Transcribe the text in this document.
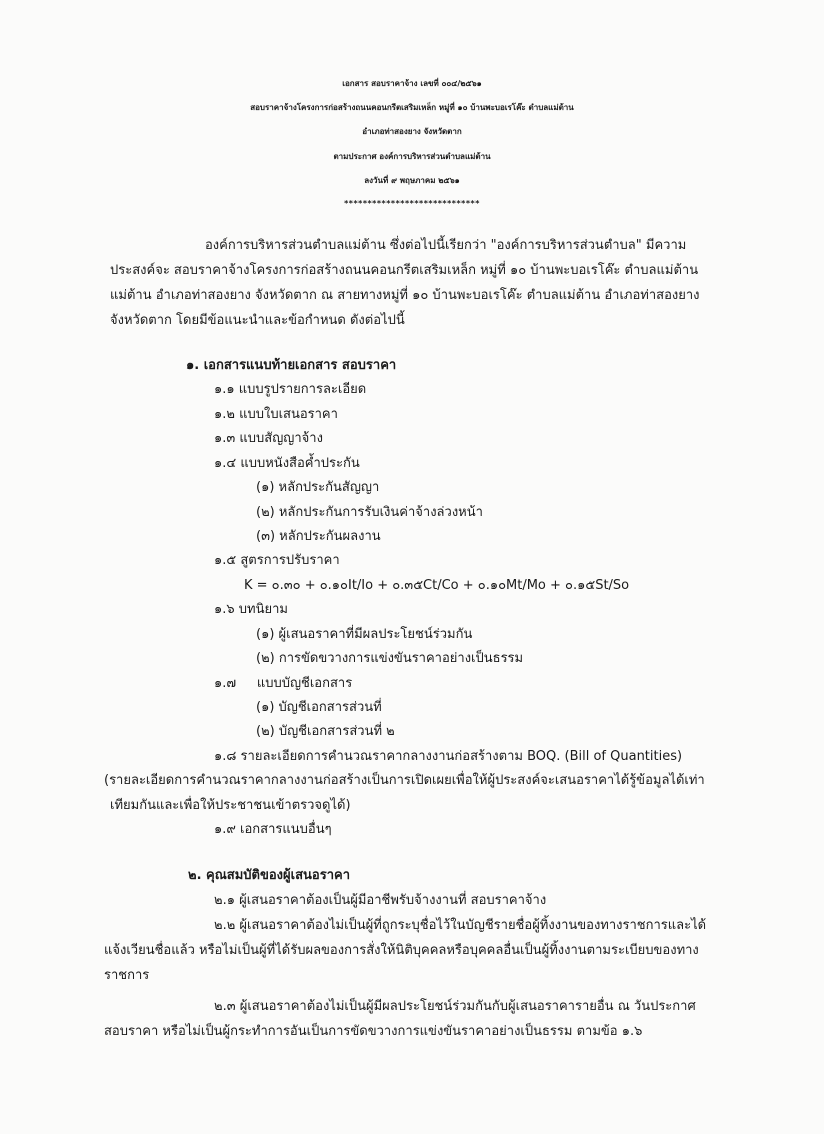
เอกสาร สอบราคาจ้าง เลขที่ ๐๐๔/๒๕๖๑
สอบราคาจ้างโครงการก่อสร้างถนนคอนกรีตเสริมเหล็ก หมู่ที่ ๑๐ บ้านพะบอเรโค๊ะ ตำบลแม่ต้าน
อำเภอท่าสองยาง จังหวัดตาก
ตามประกาศ องค์การบริหารส่วนตำบลแม่ต้าน
ลงวันที่ ๙ พฤษภาคม ๒๕๖๑
*****************************
องค์การบริหารส่วนตำบลแม่ต้าน ซึ่งต่อไปนี้เรียกว่า "องค์การบริหารส่วนตำบล" มีความ
ประสงค์จะ สอบราคาจ้างโครงการก่อสร้างถนนคอนกรีตเสริมเหล็ก หมู่ที่ ๑๐ บ้านพะบอเรโค๊ะ ตำบลแม่ต้าน
แม่ต้าน อำเภอท่าสองยาง จังหวัดตาก ณ สายทางหมู่ที่ ๑๐ บ้านพะบอเรโค๊ะ ตำบลแม่ต้าน อำเภอท่าสองยาง
จังหวัดตาก โดยมีข้อแนะนำและข้อกำหนด ดังต่อไปนี้
๑. เอกสารแนบท้ายเอกสาร สอบราคา
๑.๑ แบบรูปรายการละเอียด
๑.๒ แบบใบเสนอราคา
๑.๓ แบบสัญญาจ้าง
๑.๔ แบบหนังสือค้ำประกัน
(๑) หลักประกันสัญญา
(๒) หลักประกันการรับเงินค่าจ้างล่วงหน้า
(๓) หลักประกันผลงาน
๑.๕ สูตรการปรับราคา
K = ๐.๓๐ + ๐.๑๐It/Io + ๐.๓๕Ct/Co + ๐.๑๐Mt/Mo + ๐.๑๕St/So
๑.๖ บทนิยาม
(๑) ผู้เสนอราคาที่มีผลประโยชน์ร่วมกัน
(๒) การขัดขวางการแข่งขันราคาอย่างเป็นธรรม
๑.๗     แบบบัญชีเอกสาร
(๑) บัญชีเอกสารส่วนที่
(๒) บัญชีเอกสารส่วนที่ ๒
๑.๘ รายละเอียดการคำนวณราคากลางงานก่อสร้างตาม BOQ. (Bill of Quantities)
(รายละเอียดการคำนวณราคากลางงานก่อสร้างเป็นการเปิดเผยเพื่อให้ผู้ประสงค์จะเสนอราคาได้รู้ข้อมูลได้เท่า
เทียมกันและเพื่อให้ประชาชนเข้าตรวจดูได้)
๑.๙ เอกสารแนบอื่นๆ
๒. คุณสมบัติของผู้เสนอราคา
๒.๑ ผู้เสนอราคาต้องเป็นผู้มีอาชีพรับจ้างงานที่ สอบราคาจ้าง
๒.๒ ผู้เสนอราคาต้องไม่เป็นผู้ที่ถูกระบุชื่อไว้ในบัญชีรายชื่อผู้ทิ้งงานของทางราชการและได้
แจ้งเวียนชื่อแล้ว หรือไม่เป็นผู้ที่ได้รับผลของการสั่งให้นิติบุคคลหรือบุคคลอื่นเป็นผู้ทิ้งงานตามระเบียบของทาง
ราชการ
๒.๓ ผู้เสนอราคาต้องไม่เป็นผู้มีผลประโยชน์ร่วมกันกับผู้เสนอราคารายอื่น ณ วันประกาศ
สอบราคา หรือไม่เป็นผู้กระทำการอันเป็นการขัดขวางการแข่งขันราคาอย่างเป็นธรรม ตามข้อ ๑.๖
